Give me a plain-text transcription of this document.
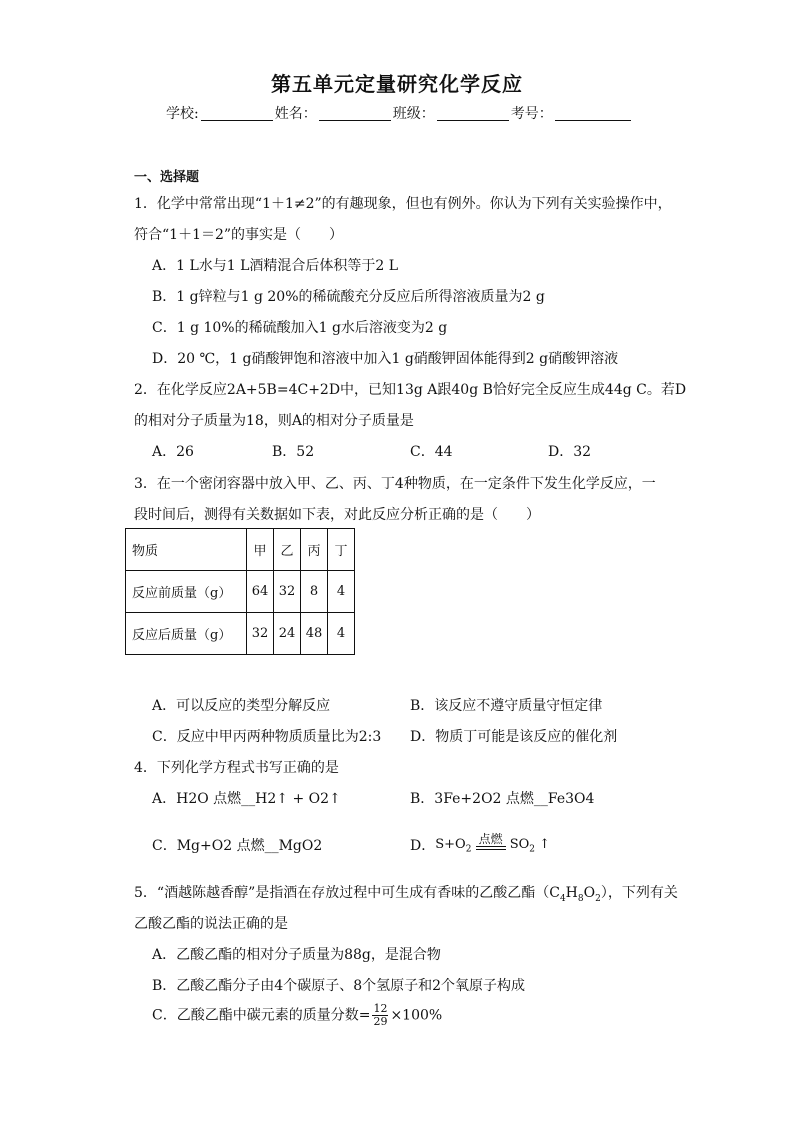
第五单元定量研究化学反应
学校:	姓名：	班级：	考号：
一、选择题
1．化学中常常出现“1＋1≠2”的有趣现象，但也有例外。你认为下列有关实验操作中，
符合“1＋1＝2”的事实是（　　）
A．1 L水与1 L酒精混合后体积等于2 L
B．1 g锌粒与1 g 20%的稀硫酸充分反应后所得溶液质量为2 g
C．1 g 10%的稀硫酸加入1 g水后溶液变为2 g
D．20 ℃，1 g硝酸钾饱和溶液中加入1 g硝酸钾固体能得到2 g硝酸钾溶液
2．在化学反应2A+5B=4C+2D中，已知13g A跟40g B恰好完全反应生成44g C。若D
的相对分子质量为18，则A的相对分子质量是
A．26	B．52	C．44	D．32
3．在一个密闭容器中放入甲、乙、丙、丁4种物质，在一定条件下发生化学反应，一
段时间后，测得有关数据如下表，对此反应分析正确的是（　　）
物质	甲	乙	丙	丁
反应前质量（g）	64	32	8	4
反应后质量（g）	32	24	48	4
A．可以反应的类型分解反应	B．该反应不遵守质量守恒定律
C．反应中甲丙两种物质质量比为2:3 D．物质丁可能是该反应的催化剂
4．下列化学方程式书写正确的是
A．H2O 点燃__H2↑ + O2↑	B．3Fe+2O2 点燃__Fe3O4
C．Mg+O2 点燃__MgO2	D．$S+O_2$
点燃 $SO_2$ ↑
5．“酒越陈越香醇”是指酒在存放过程中可生成有香味的乙酸乙酯$(C_4H_8O_2)$，下列有关
乙酸乙酯的说法正确的是
A．乙酸乙酯的相对分子质量为88g，是混合物
B．乙酸乙酯分子由4个碳原子、8个氢原子和2个氧原子构成
C．乙酸乙酯中碳元素的质量分数= $\frac{12}{29} \times 100\%$
